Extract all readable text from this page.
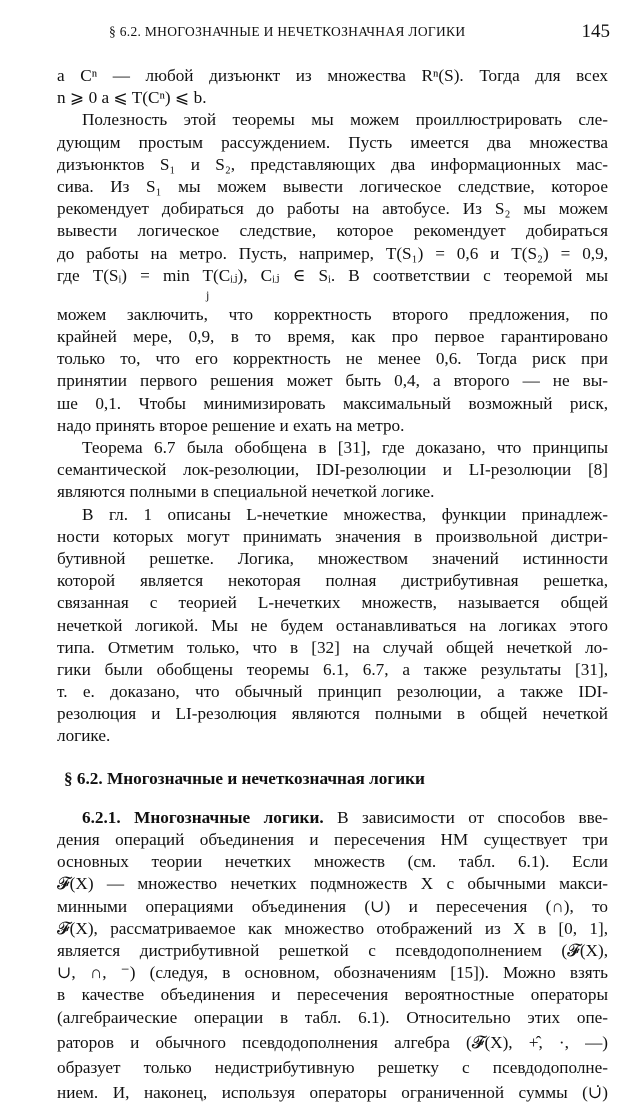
§ 6.2. МНОГОЗНАЧНЫЕ И НЕЧЕТКОЗНАЧНАЯ ЛОГИКИ	145
а Cⁿ — любой дизъюнкт из множества Rⁿ(S). Тогда для всех
n ⩾ 0 a ⩽ T(Cⁿ) ⩽ b.
Полезность этой теоремы мы можем проиллюстрировать сле-
дующим простым рассуждением. Пусть имеется два множества
дизъюнктов S₁ и S₂, представляющих два информационных мас-
сива. Из S₁ мы можем вывести логическое следствие, которое
рекомендует добираться до работы на автобусе. Из S₂ мы можем
вывести логическое следствие, которое рекомендует добираться
до работы на метро. Пусть, например, T(S₁) = 0,6 и T(S₂) = 0,9,
где T(Sᵢ) = min T(Cᵢⱼ), Cᵢⱼ ∈ Sᵢ. В соответствии с теоремой мы
j
можем заключить, что корректность второго предложения, по
крайней мере, 0,9, в то время, как про первое гарантировано
только то, что его корректность не менее 0,6. Тогда риск при
принятии первого решения может быть 0,4, а второго — не вы-
ше 0,1. Чтобы минимизировать максимальный возможный риск,
надо принять второе решение и ехать на метро.
Теорема 6.7 была обобщена в [31], где доказано, что принципы
семантической лок-резолюции, IDI-резолюции и LI-резолюции [8]
являются полными в специальной нечеткой логике.
В гл. 1 описаны L-нечеткие множества, функции принадлеж-
ности которых могут принимать значения в произвольной дистри-
бутивной решетке. Логика, множеством значений истинности
которой является некоторая полная дистрибутивная решетка,
связанная с теорией L-нечетких множеств, называется общей
нечеткой логикой. Мы не будем останавливаться на логиках этого
типа. Отметим только, что в [32] на случай общей нечеткой ло-
гики были обобщены теоремы 6.1, 6.7, а также результаты [31],
т. е. доказано, что обычный принцип резолюции, а также IDI-
резолюция и LI-резолюция являются полными в общей нечеткой
логике.
§ 6.2. Многозначные и нечеткозначная логики
6.2.1. Многозначные логики. В зависимости от способов вве-
дения операций объединения и пересечения НМ существует три
основных теории нечетких множеств (см. табл. 6.1). Если
𝓕(X) — множество нечетких подмножеств X с обычными макси-
минными операциями объединения (∪) и пересечения (∩), то
𝓕(X), рассматриваемое как множество отображений из X в [0, 1],
является дистрибутивной решеткой с псевдодополнением (𝓕(X),
∪, ∩, ⁻) (следуя, в основном, обозначениям [15]). Можно взять
в качестве объединения и пересечения вероятностные операторы
(алгебраические операции в табл. 6.1). Относительно этих опе-
раторов и обычного псевдодополнения алгебра (𝓕(X), +̂, ·, —)
образует только недистрибутивную решетку с псевдодополне-
нием. И, наконец, используя операторы ограниченной суммы (∪̇)
